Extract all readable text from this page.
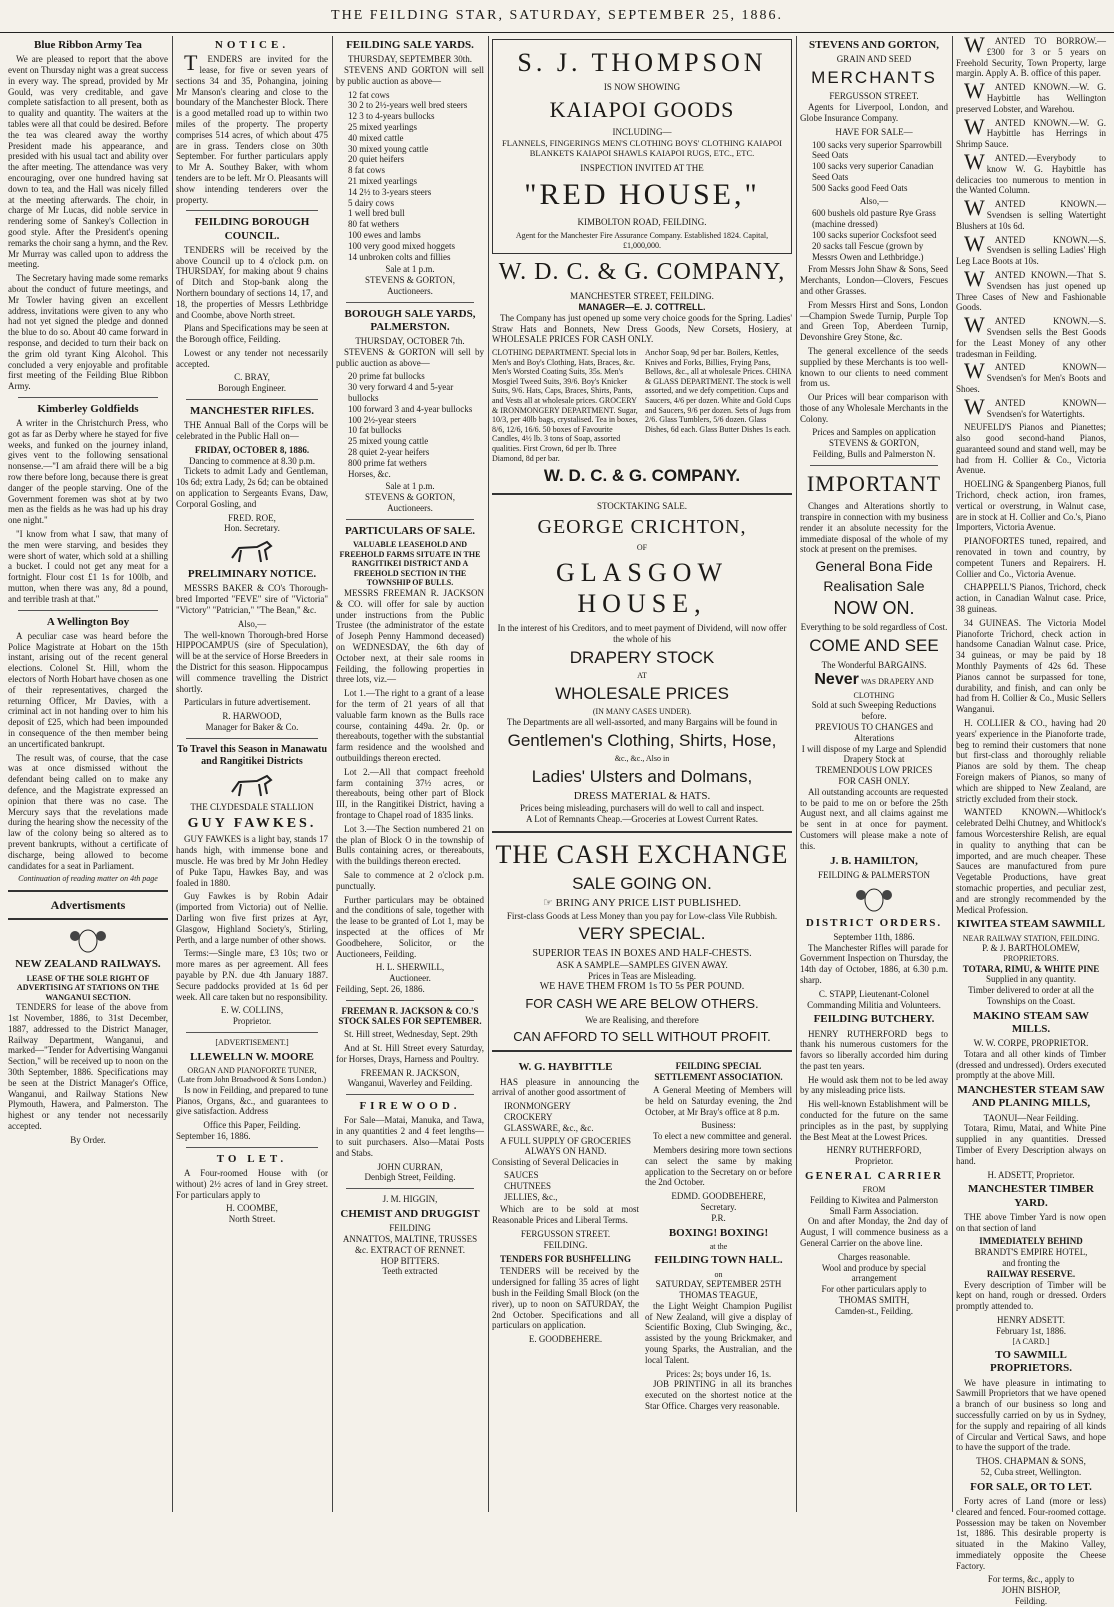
THE FEILDING STAR, SATURDAY, SEPTEMBER 25, 1886.
Blue Ribbon Army Tea

We are pleased to report that the above event on Thursday night was a great success in every way. The spread, provided by Mr Gould, was very creditable, and gave complete satisfaction to all present, both as to quality and quantity. The waiters at the tables were all that could be desired. Before the tea was cleared away the worthy President made his appearance, and presided with his usual tact and ability over the after meeting. The attendance was very encouraging, over one hundred having sat down to tea, and the Hall was nicely filled at the meeting afterwards. The choir, in charge of Mr Lucas, did noble service in rendering some of Sankey's Collection in good style. After the President's opening remarks the choir sang a hymn, and the Rev. Mr Murray was called upon to address the meeting.

The Secretary having made some remarks about the conduct of future meetings, and Mr Towler having given an excellent address, invitations were given to any who had not yet signed the pledge and donned the blue to do so. About 40 came forward in response, and decided to turn their back on the grim old tyrant King Alcohol. This concluded a very enjoyable and profitable first meeting of the Feilding Blue Ribbon Army.

Kimberley Goldfields

A writer in the Christchurch Press, who got as far as Derby where he stayed for five weeks, and funked on the journey inland, gives vent to the following sensational nonsense.—"I am afraid there will be a big row there before long, because there is great danger of the people starving. One of the Government foremen was shot at by two men as the fields as he was had up his dray one night."

"I know from what I saw, that many of the men were starving, and besides they were short of water, which sold at a shilling a bucket. I could not get any meat for a fortnight. Flour cost £1 1s for 100lb, and mutton, when there was any, 8d a pound, and terrible trash at that."

A Wellington Boy

A peculiar case was heard before the Police Magistrate at Hobart on the 15th instant, arising out of the recent general elections. Colonel St. Hill, whom the electors of North Hobart have chosen as one of their representatives, charged the returning Officer, Mr Davies, with a criminal act in not handing over to him his deposit of £25, which had been impounded in consequence of the then member being an uncertificated bankrupt.

The result was, of course, that the case was at once dismissed without the defendant being called on to make any defence, and the Magistrate expressed an opinion that there was no case. The Mercury says that the revelations made during the hearing show the necessity of the law of the colony being so altered as to prevent bankrupts, without a certificate of discharge, being allowed to become candidates for a seat in Parliament.

Continuation of reading matter on 4th page
Advertisments
NEW ZEALAND RAILWAYS.
LEASE OF THE SOLE RIGHT OF ADVERTISING AT STATIONS ON THE WANGANUI SECTION.

TENDERS for lease of the above from 1st November, 1886, to 31st December, 1887, addressed to the District Manager, Railway Department, Wanganui, and marked—"Tender for Advertising Wanganui Section," will be received up to noon on the 30th September, 1886. Specifications may be seen at the District Manager's Office, Wanganui, and Railway Stations New Plymouth, Hawera, and Palmerston. The highest or any tender not necessarily accepted.

By Order.
NOTICE.

TENDERS are invited for the lease, for five or seven years of sections 34 and 35, Pohangina, joining Mr Manson's clearing and close to the boundary of the Manchester Block. There is a good metalled road up to within two miles of the property. The property comprises 514 acres, of which about 475 are in grass. Tenders close on 30th September. For further particulars apply to Mr A. Southey Baker, with whom tenders are to be left. Mr O. Pleasants will show intending tenderers over the property.

FEILDING BOROUGH COUNCIL.

TENDERS will be received by the above Council up to 4 o'clock p.m. on THURSDAY, for making about 9 chains of Ditch and Stop-bank along the Northern boundary of sections 14, 17, and 18, the properties of Messrs Lethbridge and Coombe, above North street.

Plans and Specifications may be seen at the Borough office, Feilding.

Lowest or any tender not necessarily accepted.

C. BRAY,
Borough Engineer.
MANCHESTER RIFLES.

THE Annual Ball of the Corps will be celebrated in the Public Hall on—

FRIDAY, OCTOBER 8, 1886.
Dancing to commence at 8.30 p.m.

Tickets to admit Lady and Gentleman, 10s 6d; extra Lady, 2s 6d; can be obtained on application to Sergeants Evans, Daw, Corporal Gosling, and

FRED. ROE,
Hon. Secretary.
PRELIMINARY NOTICE.

MESSRS BAKER & CO's Thorough-bred Imported "FEVE" sire of "Victoria" "Victory" "Patrician," "The Bean," &c.

Also,—

The well-known Thorough-bred Horse HIPPOCAMPUS (sire of Speculation), will be at the service of Horse Breeders in the District for this season. Hippocampus will commence travelling the District shortly.

Particulars in future advertisement.

R. HARWOOD,
Manager for Baker & Co.
To Travel this Season in Manawatu and Rangitikei Districts
THE CLYDESDALE STALLION
GUY FAWKES.

GUY FAWKES is a light bay, stands 17 hands high, with immense bone and muscle. He was bred by Mr John Hedley of Puke Tapu, Hawkes Bay, and was foaled in 1880.

Guy Fawkes is by Robin Adair (imported from Victoria) out of Nellie. Darling won five first prizes at Ayr, Glasgow, Highland Society's, Stirling, Perth, and a large number of other shows.

Terms:—Single mare, £3 10s; two or more mares as per agreement. All fees payable by P.N. due 4th January 1887. Secure paddocks provided at 1s 6d per week. All care taken but no responsibility.

E. W. COLLINS,
Proprietor.
[ADVERTISEMENT.]
LLEWELLN W. MOORE
ORGAN AND PIANOFORTE TUNER,
(Late from John Broadwood & Sons London.)

Is now in Feilding, and prepared to tune Pianos, Organs, &c., and guarantees to give satisfaction. Address

Office this Paper, Feilding.
September 16, 1886.
TO LET.

A Four-roomed House with (or without) 2½ acres of land in Grey street. For particulars apply to

H. COOMBE,
North Street.
FEILDING SALE YARDS.
THURSDAY, SEPTEMBER 30th.

STEVENS AND GORTON will sell by public auction as above—

12 fat cows
30 2 to 2½-years well bred steers
12 3 to 4-years bullocks
25 mixed yearlings
40 mixed cattle
30 mixed young cattle
20 quiet heifers
8 fat cows
21 mixed yearlings
14 2½ to 3-years steers
5 dairy cows
1 well bred bull
80 fat wethers
100 ewes and lambs
100 very good mixed hoggets
14 unbroken colts and fillies
Sale at 1 p.m.
STEVENS & GORTON,
Auctioneers.
BOROUGH SALE YARDS, PALMERSTON.
THURSDAY, OCTOBER 7th.

STEVENS & GORTON will sell by public auction as above—

20 prime fat bullocks
30 very forward 4 and 5-year bullocks
100 forward 3 and 4-year bullocks
100 2½-year steers
10 fat bullocks
25 mixed young cattle
28 quiet 2-year heifers
800 prime fat wethers
Horses, &c.
Sale at 1 p.m.
STEVENS & GORTON,
Auctioneers.
PARTICULARS OF SALE.
VALUABLE LEASEHOLD AND FREEHOLD FARMS SITUATE IN THE RANGITIKEI DISTRICT AND A FREEHOLD SECTION IN THE TOWNSHIP OF BULLS.

MESSRS FREEMAN R. JACKSON & CO. will offer for sale by auction under instructions from the Public Trustee (the administrator of the estate of Joseph Penny Hammond deceased) on WEDNESDAY, the 6th day of October next, at their sale rooms in Feilding, the following properties in three lots, viz.—

Lot 1.—The right to a grant of a lease for the term of 21 years of all that valuable farm known as the Bulls race course, containing 449a. 2r. 0p. or thereabouts, together with the substantial farm residence and the woolshed and outbuildings thereon erected.

Lot 2.—All that compact freehold farm containing 37½ acres, or thereabouts, being other part of Block III, in the Rangitikei District, having a frontage to Chapel road of 1835 links.

Lot 3.—The Section numbered 21 on the plan of Block O in the township of Bulls containing acres, or thereabouts, with the buildings thereon erected.

Sale to commence at 2 o'clock p.m. punctually.

Further particulars may be obtained and the conditions of sale, together with the lease to be granted of Lot 1, may be inspected at the offices of Mr Goodbehere, Solicitor, or the Auctioneers, Feilding.

H. L. SHERWILL,
Auctioneer.
Feilding, Sept. 26, 1886.
FREEMAN R. JACKSON & CO.'S STOCK SALES FOR SEPTEMBER.

St. Hill street, Wednesday, Sept. 29th

And at St. Hill Street every Saturday, for Horses, Drays, Harness and Poultry.

FREEMAN R. JACKSON,
Wanganui, Waverley and Feilding.
FIREWOOD.

For Sale—Matai, Manuka, and Tawa, in any quantities 2 and 4 feet lengths—to suit purchasers. Also—Matai Posts and Stabs.

JOHN CURRAN,
Denbigh Street, Feilding.
J. M. HIGGIN,
CHEMIST AND DRUGGIST
FEILDING
ANNATTOS, MALTINE, TRUSSES &c. EXTRACT OF RENNET.
HOP BITTERS.
Teeth extracted
S. J. THOMPSON
IS NOW SHOWING
KAIAPOI GOODS
INCLUDING—
FLANNELS, FINGERINGS MEN'S CLOTHING BOYS' CLOTHING KAIAPOI BLANKETS KAIAPOI SHAWLS KAIAPOI RUGS, ETC., ETC.
INSPECTION INVITED AT THE
"RED HOUSE,"
KIMBOLTON ROAD, FEILDING.
Agent for the Manchester Fire Assurance Company. Established 1824. Capital, £1,000,000.
W. D. C. & G. COMPANY,
MANCHESTER STREET, FEILDING.
MANAGER—E. J. COTTRELL.

The Company has just opened up some very choice goods for the Spring. Ladies' Straw Hats and Bonnets, New Dress Goods, New Corsets, Hosiery, at WHOLESALE PRICES FOR CASH ONLY.

CLOTHING DEPARTMENT. Special lots in Men's and Boy's Clothing, Hats, Braces, &c. Men's Worsted Coating Suits, 35s. Men's Mosgiel Tweed Suits, 39/6. Boy's Knicker Suits, 9/6. Hats, Caps, Braces, Shirts, Pants, and Vests all at wholesale prices. GROCERY & IRONMONGERY DEPARTMENT. Sugar, 10/3, per 40lb bags, crystalised. Tea in boxes, 8/6, 12/6, 16/6. 50 boxes of Favourite Candles, 4½ lb. 3 tons of Soap, assorted qualities. First Crown, 6d per lb. Three Diamond, 8d per bar.
Anchor Soap, 9d per bar. Boilers, Kettles, Knives and Forks, Billies, Frying Pans, Bellows, &c., all at wholesale Prices. CHINA & GLASS DEPARTMENT. The stock is well assorted, and we defy competition. Cups and Saucers, 4/6 per dozen. White and Gold Cups and Saucers, 9/6 per dozen. Sets of Jugs from 2/6. Glass Tumblers, 5/6 dozen. Glass Dishes, 6d each. Glass Butter Dishes 1s each.
W. D. C. & G. COMPANY.
STOCKTAKING SALE.
GEORGE CRICHTON,
OF
GLASGOW HOUSE,
In the interest of his Creditors, and to meet payment of Dividend, will now offer the whole of his
DRAPERY STOCK
AT
WHOLESALE PRICES
(IN MANY CASES UNDER).
The Departments are all well-assorted, and many Bargains will be found in
Gentlemen's Clothing, Shirts, Hose,
&c., &c., Also in
Ladies' Ulsters and Dolmans,
DRESS MATERIAL & HATS.
Prices being misleading, purchasers will do well to call and inspect.
A Lot of Remnants Cheap.—Groceries at Lowest Current Rates.
THE CASH EXCHANGE
SALE GOING ON.
☞ BRING ANY PRICE LIST PUBLISHED.
First-class Goods at Less Money than you pay for Low-class Vile Rubbish.
VERY SPECIAL.
SUPERIOR TEAS IN BOXES AND HALF-CHESTS.
ASK A SAMPLE—SAMPLES GIVEN AWAY.
Prices in Teas are Misleading.
WE HAVE THEM FROM 1s TO 5s PER POUND.
FOR CASH WE ARE BELOW OTHERS.
We are Realising, and therefore
CAN AFFORD TO SELL WITHOUT PROFIT.
W. G. HAYBITTLE

HAS pleasure in announcing the arrival of another good assortment of

IRONMONGERY
CROCKERY
GLASSWARE, &c., &c.
A FULL SUPPLY OF GROCERIES ALWAYS ON HAND.
Consisting of Several Delicacies in
SAUCES
CHUTNEES
JELLIES, &c.,

Which are to be sold at most Reasonable Prices and Liberal Terms.

FERGUSSON STREET.
FEILDING.
TENDERS FOR BUSHFELLING

TENDERS will be received by the undersigned for falling 35 acres of light bush in the Feilding Small Block (on the river), up to noon on SATURDAY, the 2nd October. Specifications and all particulars on application.

E. GOODBEHERE.
FEILDING SPECIAL SETTLEMENT ASSOCIATION.

A General Meeting of Members will be held on Saturday evening, the 2nd October, at Mr Bray's office at 8 p.m.

Business:

To elect a new committee and general.

Members desiring more town sections can select the same by making application to the Secretary on or before the 2nd October.

EDMD. GOODBEHERE,
Secretary.
P.R.
BOXING! BOXING!
at the
FEILDING TOWN HALL.
on
SATURDAY, SEPTEMBER 25TH
THOMAS TEAGUE,

the Light Weight Champion Pugilist of New Zealand, will give a display of Scientific Boxing, Club Swinging, &c., assisted by the young Brickmaker, and young Sparks, the Australian, and the local Talent.

Prices: 2s; boys under 16, 1s.

JOB PRINTING in all its branches executed on the shortest notice at the Star Office. Charges very reasonable.

STEVENS AND GORTON,
GRAIN AND SEED
MERCHANTS
FERGUSSON STREET.

Agents for Liverpool, London, and Globe Insurance Company.

HAVE FOR SALE—
100 sacks very superior Sparrowbill Seed Oats
100 sacks very superior Canadian Seed Oats
500 Sacks good Feed Oats
Also,—
600 bushels old pasture Rye Grass (machine dressed)
100 sacks superior Cocksfoot seed
20 sacks tall Fescue (grown by Messrs Owen and Lethbridge.)

From Messrs John Shaw & Sons, Seed Merchants, London—Clovers, Fescues and other Grasses.

From Messrs Hirst and Sons, London—Champion Swede Turnip, Purple Top and Green Top, Aberdeen Turnip, Devonshire Grey Stone, &c.

The general excellence of the seeds supplied by these Merchants is too well-known to our clients to need comment from us.

Our Prices will bear comparison with those of any Wholesale Merchants in the Colony.

Prices and Samples on application
STEVENS & GORTON,
Feilding, Bulls and Palmerston N.
IMPORTANT

Changes and Alterations shortly to transpire in connection with my business render it an absolute necessity for the immediate disposal of the whole of my stock at present on the premises.

General Bona Fide
Realisation Sale
NOW ON.
Everything to be sold regardless of Cost.
COME AND SEE
The Wonderful BARGAINS.
Never WAS DRAPERY AND CLOTHING
Sold at such Sweeping Reductions before.
PREVIOUS TO CHANGES and Alterations
I will dispose of my Large and Splendid Drapery Stock at
TREMENDOUS LOW PRICES
FOR CASH ONLY.

All outstanding accounts are requested to be paid to me on or before the 25th August next, and all claims against me be sent in at once for payment. Customers will please make a note of this.

J. B. HAMILTON,
FEILDING & PALMERSTON
DISTRICT ORDERS.
September 11th, 1886.

The Manchester Rifles will parade for Government Inspection on Thursday, the 14th day of October, 1886, at 6.30 p.m. sharp.

C. STAPP, Lieutenant-Colonel
Commanding Militia and Volunteers.
FEILDING BUTCHERY.

HENRY RUTHERFORD begs to thank his numerous customers for the favors so liberally accorded him during the past ten years.

He would ask them not to be led away by any misleading price lists.

His well-known Establishment will be conducted for the future on the same principles as in the past, by supplying the Best Meat at the Lowest Prices.

HENRY RUTHERFORD,
Proprietor.
GENERAL CARRIER
FROM
Feilding to Kiwitea and Palmerston Small Farm Association.

On and after Monday, the 2nd day of August, I will commence business as a General Carrier on the above line.

Charges reasonable.
Wool and produce by special arrangement
For other particulars apply to
THOMAS SMITH,
Camden-st., Feilding.

WANTED TO BORROW.—£300 for 3 or 5 years on Freehold Security, Town Property, large margin. Apply A. B. office of this paper.

WANTED KNOWN.—W. G. Haybittle has Wellington preserved Lobster, and Warehou.

WANTED KNOWN.—W. G. Haybittle has Herrings in Shrimp Sauce.

WANTED.—Everybody to know W. G. Haybittle has delicacies too numerous to mention in the Wanted Column.

WANTED KNOWN.—Svendsen is selling Watertight Blushers at 10s 6d.

WANTED KNOWN.—S. Svendsen is selling Ladies' High Leg Lace Boots at 10s.

WANTED KNOWN.—That S. Svendsen has just opened up Three Cases of New and Fashionable Goods.

WANTED KNOWN.—S. Svendsen sells the Best Goods for the Least Money of any other tradesman in Feilding.

WANTED KNOWN—Svendsen's for Men's Boots and Shoes.

WANTED KNOWN—Svendsen's for Watertights.

NEUFELD'S Pianos and Pianettes; also good second-hand Pianos, guaranteed sound and stand well, may be had from H. Collier & Co., Victoria Avenue.

HOELING & Spangenberg Pianos, full Trichord, check action, iron frames, vertical or overstrung, in Walnut case, are in stock at H. Collier and Co.'s, Piano Importers, Victoria Avenue.

PIANOFORTES tuned, repaired, and renovated in town and country, by competent Tuners and Repairers. H. Collier and Co., Victoria Avenue.

CHAPPELL'S Pianos, Trichord, check action, in Canadian Walnut case. Price, 38 guineas.

34 GUINEAS. The Victoria Model Pianoforte Trichord, check action in handsome Canadian Walnut case. Price, 34 guineas, or may be paid by 18 Monthly Payments of 42s 6d. These Pianos cannot be surpassed for tone, durability, and finish, and can only be had from H. Collier & Co., Music Sellers Wanganui.

H. COLLIER & CO., having had 20 years' experience in the Pianoforte trade, beg to remind their customers that none but first-class and thoroughly reliable Pianos are sold by them. The cheap Foreign makers of Pianos, so many of which are shipped to New Zealand, are strictly excluded from their stock.

WANTED KNOWN.—Whitlock's celebrated Delhi Chutney, and Whitlock's famous Worcestershire Relish, are equal in quality to anything that can be imported, and are much cheaper. These Sauces are manufactured from pure Vegetable Productions, have great stomachic properties, and peculiar zest, and are strongly recommended by the Medical Profession.

KIWITEA STEAM SAWMILL
NEAR RAILWAY STATION, FEILDING.
P. & J. BARTHOLOMEW,
PROPRIETORS.
TOTARA, RIMU, & WHITE PINE
Supplied in any quantity.
Timber delivered to order at all the Townships on the Coast.
MAKINO STEAM SAW MILLS.
W. W. CORPE, PROPRIETOR.

Totara and all other kinds of Timber (dressed and undressed). Orders executed promptly at the above Mill.

MANCHESTER STEAM SAW AND PLANING MILLS,
TAONUI—Near Feilding.

Totara, Rimu, Matai, and White Pine supplied in any quantities. Dressed Timber of Every Description always on hand.

H. ADSETT, Proprietor.
MANCHESTER TIMBER YARD.

THE above Timber Yard is now open on that section of land

IMMEDIATELY BEHIND
BRANDT'S EMPIRE HOTEL,
and fronting the
RAILWAY RESERVE.

Every description of Timber will be kept on hand, rough or dressed. Orders promptly attended to.

HENRY ADSETT.
February 1st, 1886.
[A CARD.]
TO SAWMILL PROPRIETORS.

We have pleasure in intimating to Sawmill Proprietors that we have opened a branch of our business so long and successfully carried on by us in Sydney, for the supply and repairing of all kinds of Circular and Vertical Saws, and hope to have the support of the trade.

THOS. CHAPMAN & SONS,
52, Cuba street, Wellington.
FOR SALE, OR TO LET.

Forty acres of Land (more or less) cleared and fenced. Four-roomed cottage. Possession may be taken on November 1st, 1886. This desirable property is situated in the Makino Valley, immediately opposite the Cheese Factory.

For terms, &c., apply to
JOHN BISHOP,
Feilding.
